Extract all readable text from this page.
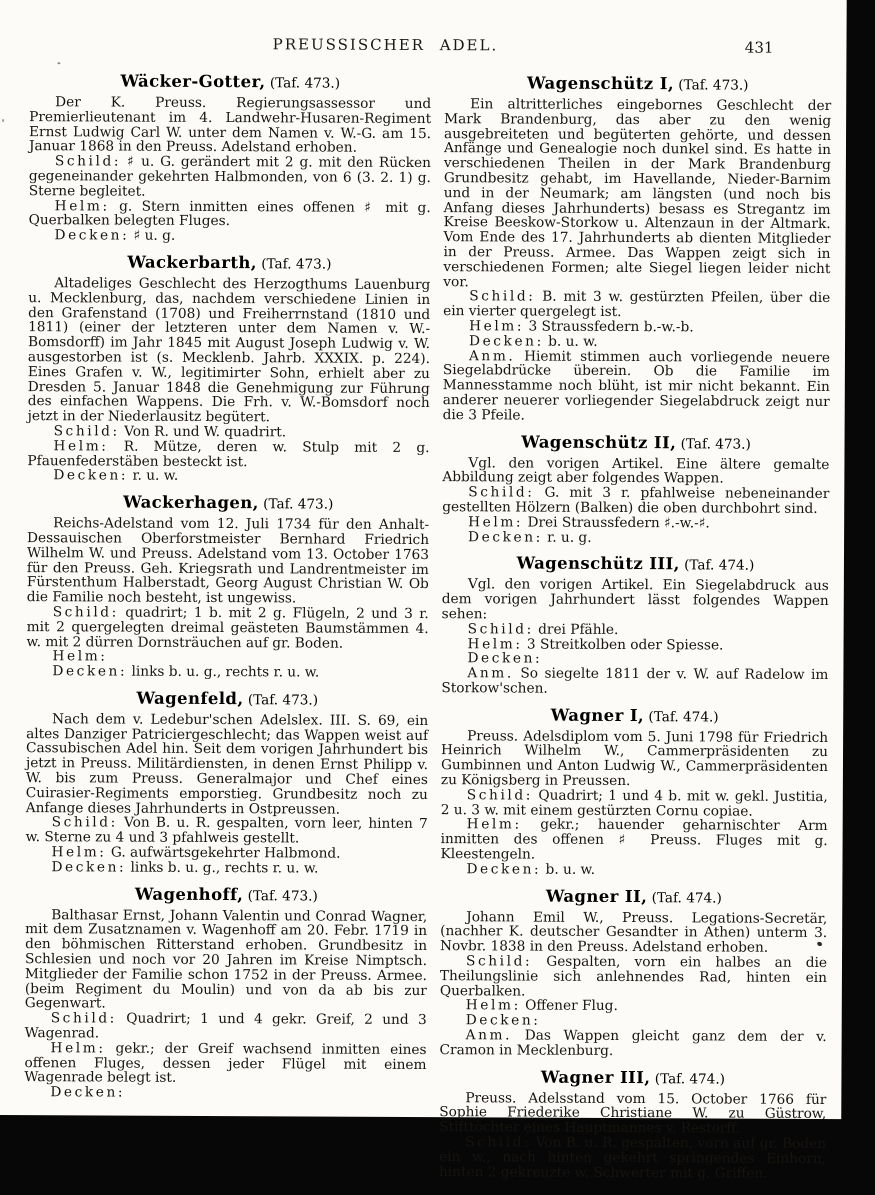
PREUSSISCHER ADEL.	431
Wäcker-Gotter, (Taf. 473.)

Der K. Preuss. Regierungsassessor und Premierlieutenant im 4. Landwehr-Husaren-Regiment Ernst Ludwig Carl W. unter dem Namen v. W.-G. am 15. Januar 1868 in den Preuss. Adelstand erhoben.

Schild: ♯ u. G. gerändert mit 2 g. mit den Rücken gegeneinander gekehrten Halbmonden, von 6 (3. 2. 1) g. Sterne begleitet.

Helm: g. Stern inmitten eines offenen ♯ mit g. Querbalken belegten Fluges.

Decken: ♯ u. g.

Wackerbarth, (Taf. 473.)

Altadeliges Geschlecht des Herzogthums Lauenburg u. Mecklenburg, das, nachdem verschiedene Linien in den Grafenstand (1708) und Freiherrnstand (1810 und 1811) (einer der letzteren unter dem Namen v. W.-Bomsdorff) im Jahr 1845 mit August Joseph Ludwig v. W. ausgestorben ist (s. Mecklenb. Jahrb. XXXIX. p. 224). Eines Grafen v. W., legitimirter Sohn, erhielt aber zu Dresden 5. Januar 1848 die Genehmigung zur Führung des einfachen Wappens. Die Frh. v. W.-Bomsdorf noch jetzt in der Niederlausitz begütert.

Schild: Von R. und W. quadrirt.

Helm: R. Mütze, deren w. Stulp mit 2 g. Pfauenfederstäben besteckt ist.

Decken: r. u. w.

Wackerhagen, (Taf. 473.)

Reichs-Adelstand vom 12. Juli 1734 für den Anhalt-Dessauischen Oberforstmeister Bernhard Friedrich Wilhelm W. und Preuss. Adelstand vom 13. October 1763 für den Preuss. Geh. Kriegsrath und Landrentmeister im Fürstenthum Halberstadt, Georg August Christian W. Ob die Familie noch besteht, ist ungewiss.

Schild: quadrirt; 1 b. mit 2 g. Flügeln, 2 und 3 r. mit 2 quergelegten dreimal geästeten Baumstämmen 4. w. mit 2 dürren Dornsträuchen auf gr. Boden.

Helm:

Decken: links b. u. g., rechts r. u. w.

Wagenfeld, (Taf. 473.)

Nach dem v. Ledebur'schen Adelslex. III. S. 69, ein altes Danziger Patriciergeschlecht; das Wappen weist auf Cassubischen Adel hin. Seit dem vorigen Jahrhundert bis jetzt in Preuss. Militärdiensten, in denen Ernst Philipp v. W. bis zum Preuss. Generalmajor und Chef eines Cuirasier-Regiments emporstieg. Grundbesitz noch zu Anfange dieses Jahrhunderts in Ostpreussen.

Schild: Von B. u. R. gespalten, vorn leer, hinten 7 w. Sterne zu 4 und 3 pfahlweis gestellt.

Helm: G. aufwärtsgekehrter Halbmond.

Decken: links b. u. g., rechts r. u. w.

Wagenhoff, (Taf. 473.)

Balthasar Ernst, Johann Valentin und Conrad Wagner, mit dem Zusatznamen v. Wagenhoff am 20. Febr. 1719 in den böhmischen Ritterstand erhoben. Grundbesitz in Schlesien und noch vor 20 Jahren im Kreise Nimptsch. Mitglieder der Familie schon 1752 in der Preuss. Armee. (beim Regiment du Moulin) und von da ab bis zur Gegenwart.

Schild: Quadrirt; 1 und 4 gekr. Greif, 2 und 3 Wagenrad.

Helm: gekr.; der Greif wachsend inmitten eines offenen Fluges, dessen jeder Flügel mit einem Wagenrade belegt ist.

Decken:

Wagenschütz I, (Taf. 473.)

Ein altritterliches eingebornes Geschlecht der Mark Brandenburg, das aber zu den wenig ausgebreiteten und begüterten gehörte, und dessen Anfänge und Genealogie noch dunkel sind. Es hatte in verschiedenen Theilen in der Mark Brandenburg Grundbesitz gehabt, im Havellande, Nieder-Barnim und in der Neumark; am längsten (und noch bis Anfang dieses Jahrhunderts) besass es Stregantz im Kreise Beeskow-Storkow u. Altenzaun in der Altmark. Vom Ende des 17. Jahrhunderts ab dienten Mitglieder in der Preuss. Armee. Das Wappen zeigt sich in verschiedenen Formen; alte Siegel liegen leider nicht vor.

Schild: B. mit 3 w. gestürzten Pfeilen, über die ein vierter quergelegt ist.

Helm: 3 Straussfedern b.-w.-b.

Decken: b. u. w.

Anm. Hiemit stimmen auch vorliegende neuere Siegelabdrücke überein. Ob die Familie im Mannesstamme noch blüht, ist mir nicht bekannt. Ein anderer neuerer vorliegender Siegelabdruck zeigt nur die 3 Pfeile.

Wagenschütz II, (Taf. 473.)

Vgl. den vorigen Artikel. Eine ältere gemalte Abbildung zeigt aber folgendes Wappen.

Schild: G. mit 3 r. pfahlweise nebeneinander gestellten Hölzern (Balken) die oben durchbohrt sind.

Helm: Drei Straussfedern ♯.-w.-♯.

Decken: r. u. g.

Wagenschütz III, (Taf. 474.)

Vgl. den vorigen Artikel. Ein Siegelabdruck aus dem vorigen Jahrhundert lässt folgendes Wappen sehen:

Schild: drei Pfähle.

Helm: 3 Streitkolben oder Spiesse.

Decken:

Anm. So siegelte 1811 der v. W. auf Radelow im Storkow'schen.

Wagner I, (Taf. 474.)

Preuss. Adelsdiplom vom 5. Juni 1798 für Friedrich Heinrich Wilhelm W., Cammerpräsidenten zu Gumbinnen und Anton Ludwig W., Cammerpräsidenten zu Königsberg in Preussen.

Schild: Quadrirt; 1 und 4 b. mit w. gekl. Justitia, 2 u. 3 w. mit einem gestürzten Cornu copiae.

Helm: gekr.; hauender geharnischter Arm inmitten des offenen ♯ Preuss. Fluges mit g. Kleestengeln.

Decken: b. u. w.

Wagner II, (Taf. 474.)

Johann Emil W., Preuss. Legations-Secretär, (nachher K. deutscher Gesandter in Athen) unterm 3. Novbr. 1838 in den Preuss. Adelstand erhoben.

Schild: Gespalten, vorn ein halbes an die Theilungslinie sich anlehnendes Rad, hinten ein Querbalken.

Helm: Offener Flug.

Decken:

Anm. Das Wappen gleicht ganz dem der v. Cramon in Mecklenburg.

Wagner III, (Taf. 474.)

Preuss. Adelsstand vom 15. October 1766 für Sophie Friederike Christiane W. zu Güstrow, Stifttöchter eines Hauptmannes v. Restorff.

Schild: Von B. u. R. gespalten, vorn auf gr. Boden ein w., nach hinten gekehrt springendes Einhorn, hinten 2 gekreuzte w. Schwerter mit g. Griffen.
